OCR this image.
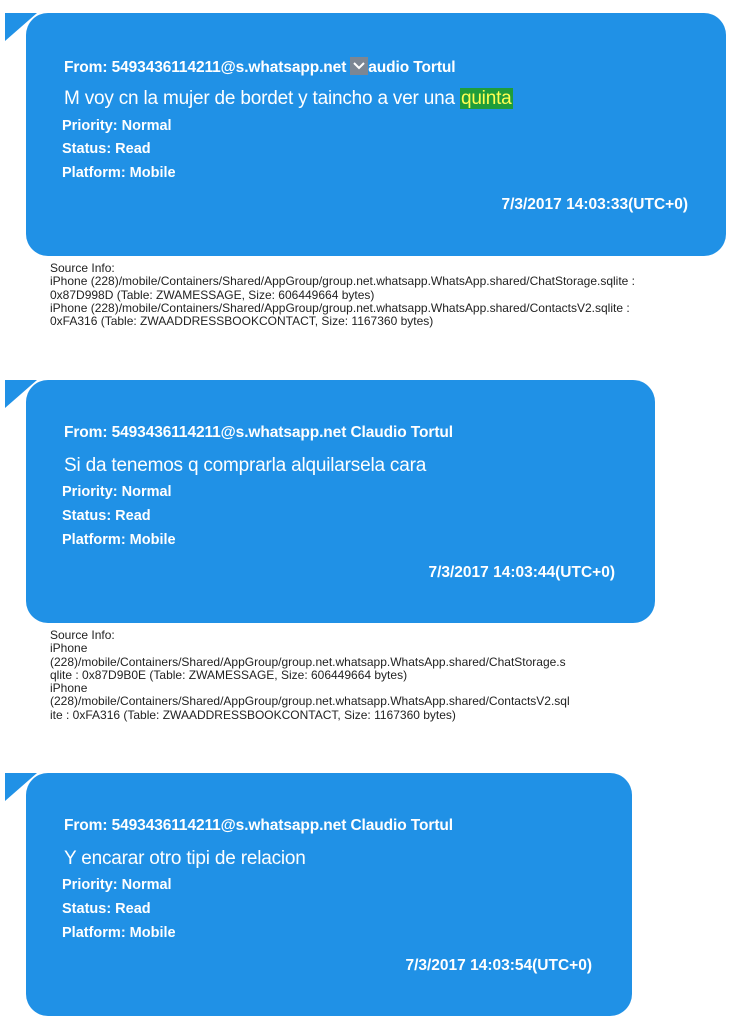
From: 5493436114211@s.whatsapp.net audio Tortul
M voy cn la mujer de bordet y taincho a ver una quinta
Priority: Normal
Status: Read
Platform: Mobile
7/3/2017 14:03:33(UTC+0)
Source Info:
iPhone (228)/mobile/Containers/Shared/AppGroup/group.net.whatsapp.WhatsApp.shared/ChatStorage.sqlite :
0x87D998D (Table: ZWAMESSAGE, Size: 606449664 bytes)
iPhone (228)/mobile/Containers/Shared/AppGroup/group.net.whatsapp.WhatsApp.shared/ContactsV2.sqlite :
0xFA316 (Table: ZWAADDRESSBOOKCONTACT, Size: 1167360 bytes)
From: 5493436114211@s.whatsapp.net Claudio Tortul
Si da tenemos q comprarla alquilarsela cara
Priority: Normal
Status: Read
Platform: Mobile
7/3/2017 14:03:44(UTC+0)
Source Info:
iPhone
(228)/mobile/Containers/Shared/AppGroup/group.net.whatsapp.WhatsApp.shared/ChatStorage.s
qlite : 0x87D9B0E (Table: ZWAMESSAGE, Size: 606449664 bytes)
iPhone
(228)/mobile/Containers/Shared/AppGroup/group.net.whatsapp.WhatsApp.shared/ContactsV2.sql
ite : 0xFA316 (Table: ZWAADDRESSBOOKCONTACT, Size: 1167360 bytes)
From: 5493436114211@s.whatsapp.net Claudio Tortul
Y encarar otro tipi de relacion
Priority: Normal
Status: Read
Platform: Mobile
7/3/2017 14:03:54(UTC+0)
